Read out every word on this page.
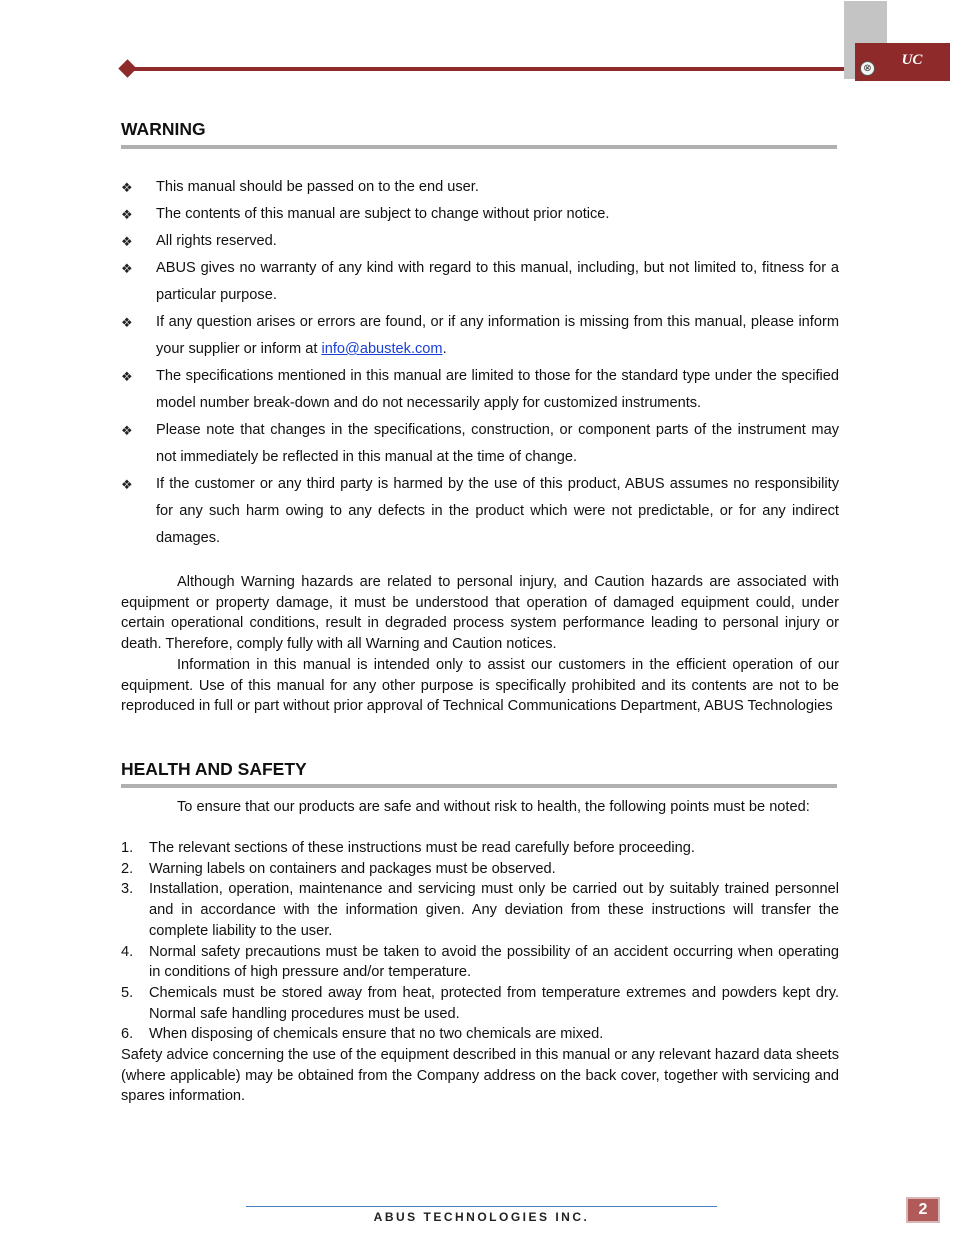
⊗
UC
WARNING
❖ This manual should be passed on to the end user.
❖ The contents of this manual are subject to change without prior notice.
❖ All rights reserved.
❖ ABUS gives no warranty of any kind with regard to this manual, including, but not limited to, fitness for a particular purpose.
❖ If any question arises or errors are found, or if any information is missing from this manual, please inform your supplier or inform at info@abustek.com.
❖ The specifications mentioned in this manual are limited to those for the standard type under the specified model number break-down and do not necessarily apply for customized instruments.
❖ Please note that changes in the specifications, construction, or component parts of the instrument may not immediately be reflected in this manual at the time of change.
❖ If the customer or any third party is harmed by the use of this product, ABUS assumes no responsibility for any such harm owing to any defects in the product which were not predictable, or for any indirect damages.

Although Warning hazards are related to personal injury, and Caution hazards are associated with equipment or property damage, it must be understood that operation of damaged equipment could, under certain operational conditions, result in degraded process system performance leading to personal injury or death. Therefore, comply fully with all Warning and Caution notices.

Information in this manual is intended only to assist our customers in the efficient operation of our equipment. Use of this manual for any other purpose is specifically prohibited and its contents are not to be reproduced in full or part without prior approval of Technical Communications Department, ABUS Technologies

HEALTH AND SAFETY

To ensure that our products are safe and without risk to health, the following points must be noted:

1. The relevant sections of these instructions must be read carefully before proceeding.
2. Warning labels on containers and packages must be observed.
3. Installation, operation, maintenance and servicing must only be carried out by suitably trained personnel and in accordance with the information given. Any deviation from these instructions will transfer the complete liability to the user.
4. Normal safety precautions must be taken to avoid the possibility of an accident occurring when operating in conditions of high pressure and/or temperature.
5. Chemicals must be stored away from heat, protected from temperature extremes and powders kept dry. Normal safe handling procedures must be used.
6. When disposing of chemicals ensure that no two chemicals are mixed.

Safety advice concerning the use of the equipment described in this manual or any relevant hazard data sheets (where applicable) may be obtained from the Company address on the back cover, together with servicing and spares information.

ABUS TECHNOLOGIES INC.	2
